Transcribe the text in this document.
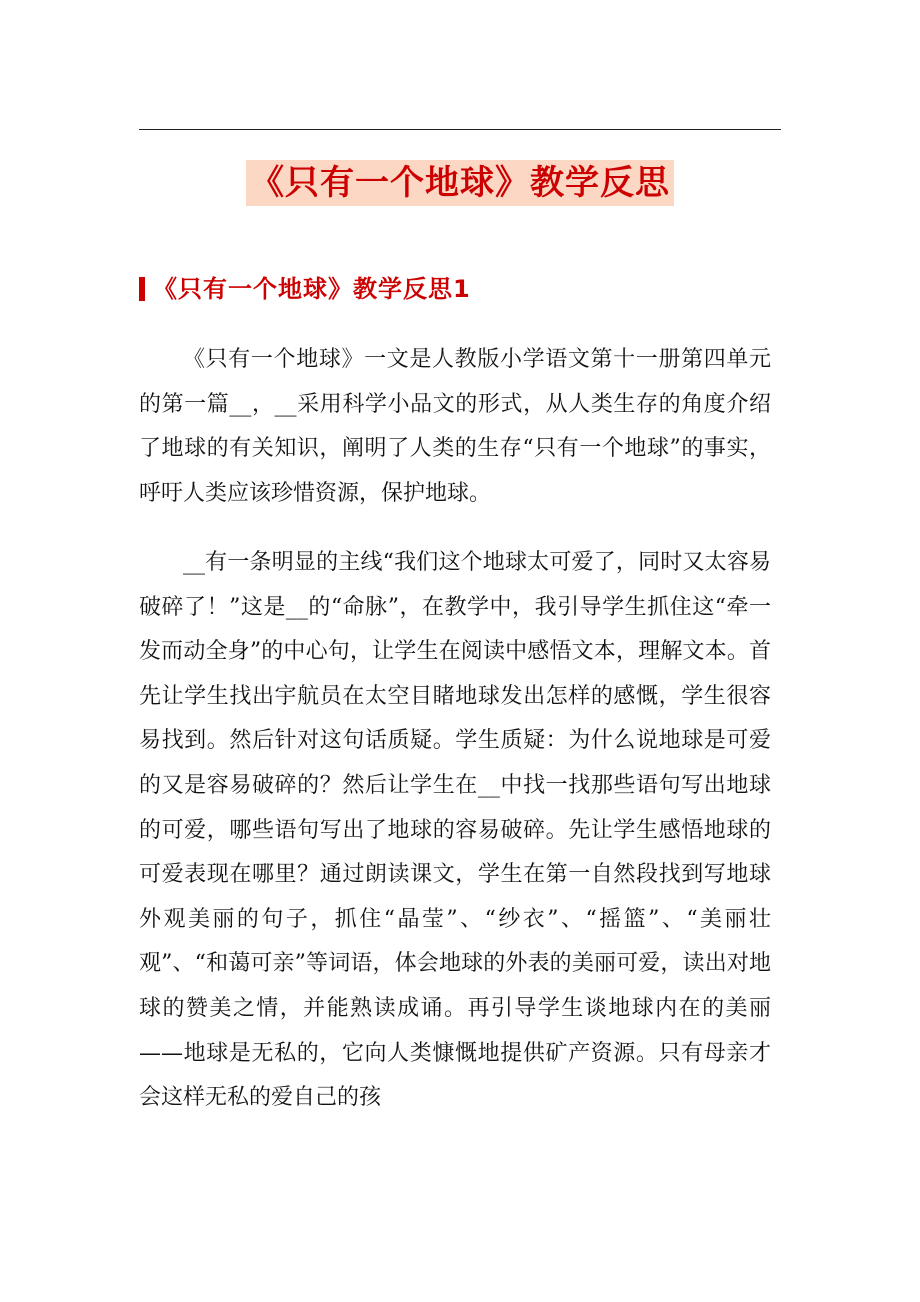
《只有一个地球》教学反思
《只有一个地球》教学反思1

《只有一个地球》一文是人教版小学语文第十一册第四单元的第一篇__，__采用科学小品文的形式，从人类生存的角度介绍了地球的有关知识，阐明了人类的生存“只有一个地球”的事实，呼吁人类应该珍惜资源，保护地球。

__有一条明显的主线“我们这个地球太可爱了，同时又太容易破碎了！”这是__的“命脉”，在教学中，我引导学生抓住这“牵一发而动全身”的中心句，让学生在阅读中感悟文本，理解文本。首先让学生找出宇航员在太空目睹地球发出怎样的感慨，学生很容易找到。然后针对这句话质疑。学生质疑：为什么说地球是可爱的又是容易破碎的？然后让学生在__中找一找那些语句写出地球的可爱，哪些语句写出了地球的容易破碎。先让学生感悟地球的可爱表现在哪里？通过朗读课文，学生在第一自然段找到写地球外观美丽的句子，抓住“晶莹”、“纱衣”、“摇篮”、“美丽壮观”、“和蔼可亲”等词语，体会地球的外表的美丽可爱，读出对地球的赞美之情，并能熟读成诵。再引导学生谈地球内在的美丽——地球是无私的，它向人类慷慨地提供矿产资源。只有母亲才会这样无私的爱自己的孩
